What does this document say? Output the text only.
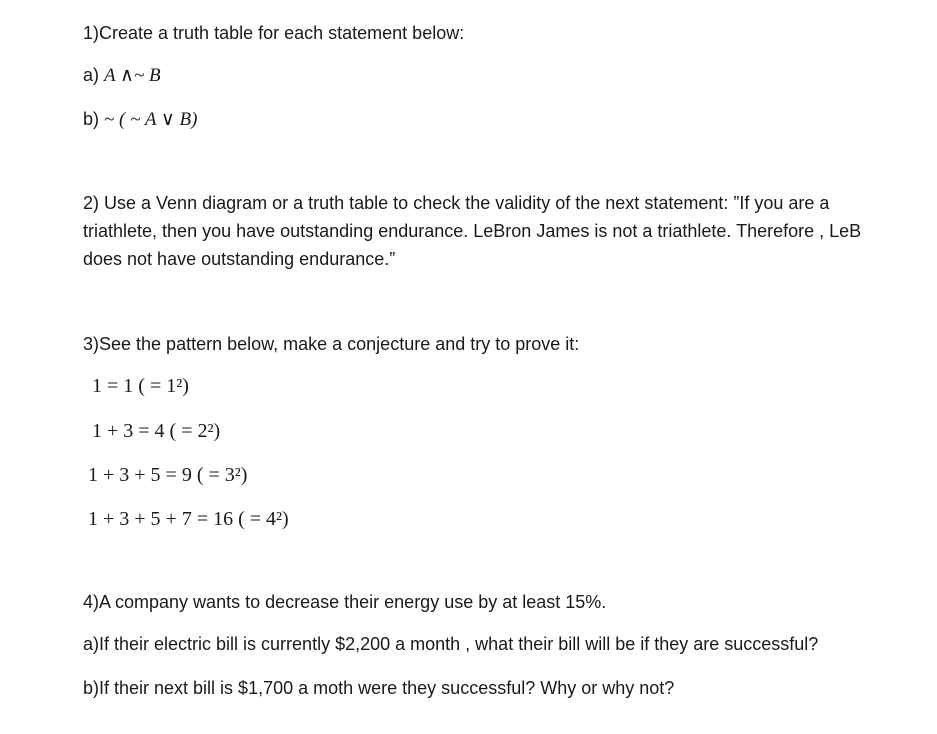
1)Create a truth table for each statement below:
a) A ∧~ B
b) ~ ( ~ A ∨ B)
2) Use a Venn diagram or a truth table to check the validity of the next statement: ”If you are a
triathlete, then you have outstanding endurance. LeBron James is not a triathlete. Therefore , LeB
does not have outstanding endurance.”
3)See the pattern below, make a conjecture and try to prove it:
1 = 1 ( = 1²)
1 + 3 = 4 ( = 2²)
1 + 3 + 5 = 9 ( = 3²)
1 + 3 + 5 + 7 = 16 ( = 4²)
4)A company wants to decrease their energy use by at least 15%.
a)If their electric bill is currently $2,200 a month , what their bill will be if they are successful?
b)If their next bill is $1,700 a moth were they successful? Why or why not?
